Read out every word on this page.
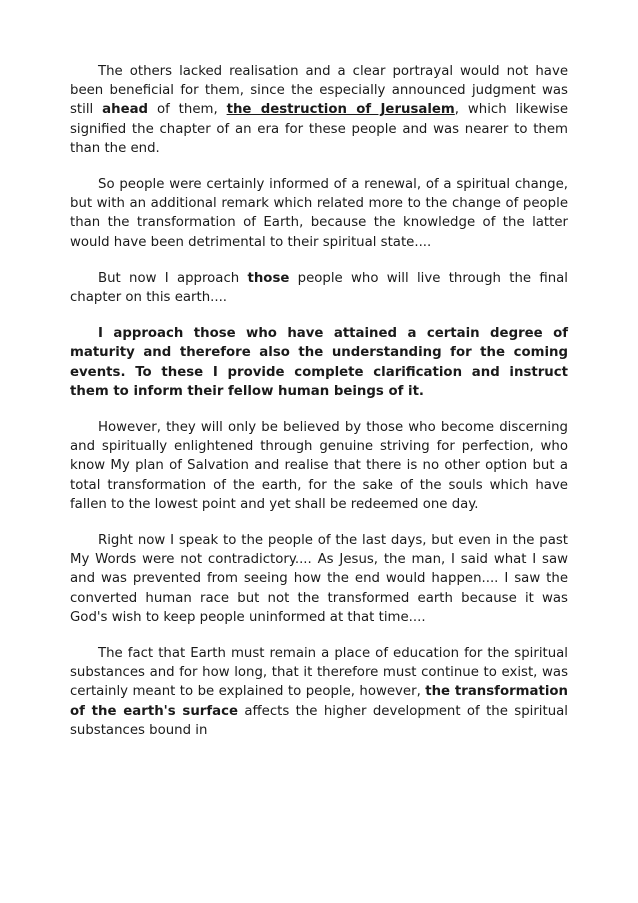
The others lacked realisation and a clear portrayal would not have been beneficial for them, since the especially announced judgment was still ahead of them, the destruction of Jerusalem, which likewise signified the chapter of an era for these people and was nearer to them than the end.

So people were certainly informed of a renewal, of a spiritual change, but with an additional remark which related more to the change of people than the transformation of Earth, because the knowledge of the latter would have been detrimental to their spiritual state....

But now I approach those people who will live through the final chapter on this earth....

I approach those who have attained a certain degree of maturity and therefore also the understanding for the coming events. To these I provide complete clarification and instruct them to inform their fellow human beings of it.

However, they will only be believed by those who become discerning and spiritually enlightened through genuine striving for perfection, who know My plan of Salvation and realise that there is no other option but a total transformation of the earth, for the sake of the souls which have fallen to the lowest point and yet shall be redeemed one day.

Right now I speak to the people of the last days, but even in the past My Words were not contradictory.... As Jesus, the man, I said what I saw and was prevented from seeing how the end would happen.... I saw the converted human race but not the transformed earth because it was God's wish to keep people uninformed at that time....

The fact that Earth must remain a place of education for the spiritual substances and for how long, that it therefore must continue to exist, was certainly meant to be explained to people, however, the transformation of the earth's surface affects the higher development of the spiritual substances bound in
